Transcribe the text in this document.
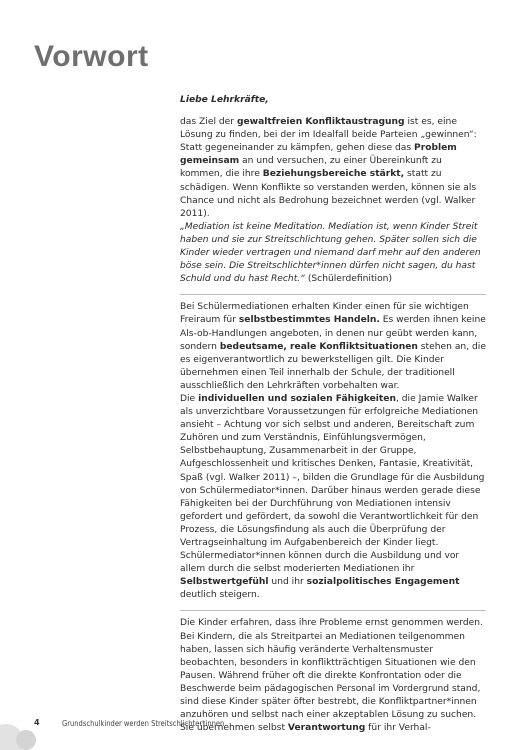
Vorwort

Liebe Lehrkräfte,

das Ziel der gewaltfreien Konfliktaustragung ist es, eine Lösung zu finden, bei der im Idealfall beide Parteien „gewinnen“: Statt gegeneinander zu kämpfen, gehen diese das Problem gemeinsam an und versuchen, zu einer Übereinkunft zu kommen, die ihre Beziehungsbereiche stärkt, statt zu schädigen. Wenn Konflikte so verstanden werden, können sie als Chance und nicht als Bedrohung bezeichnet werden (vgl. Walker 2011).

„Mediation ist keine Meditation. Mediation ist, wenn Kinder Streit haben und sie zur Streitschlichtung gehen. Später sollen sich die Kinder wieder vertragen und niemand darf mehr auf den anderen böse sein. Die Streitschlichter*innen dürfen nicht sagen, du hast Schuld und du hast Recht.“ (Schülerdefinition)

Bei Schülermediationen erhalten Kinder einen für sie wichtigen Freiraum für selbstbestimmtes Handeln. Es werden ihnen keine Als-ob-Handlungen angeboten, in denen nur geübt werden kann, sondern bedeutsame, reale Konfliktsituationen stehen an, die es eigenverantwortlich zu bewerkstelligen gilt. Die Kinder übernehmen einen Teil innerhalb der Schule, der traditionell ausschließlich den Lehrkräften vorbehalten war.

Die individuellen und sozialen Fähigkeiten, die Jamie Walker als unverzichtbare Voraussetzungen für erfolgreiche Mediationen ansieht – Achtung vor sich selbst und anderen, Bereitschaft zum Zuhören und zum Verständnis, Einfühlungsvermögen, Selbstbehauptung, Zusammenarbeit in der Gruppe, Aufgeschlossenheit und kritisches Denken, Fantasie, Kreativität, Spaß (vgl. Walker 2011) –, bilden die Grundlage für die Ausbildung von Schülermediator*innen. Darüber hinaus werden gerade diese Fähigkeiten bei der Durchführung von Mediationen intensiv gefordert und gefördert, da sowohl die Verantwortlichkeit für den Prozess, die Lösungsfindung als auch die Überprüfung der Vertragseinhaltung im Aufgabenbereich der Kinder liegt. Schülermediator*innen können durch die Ausbildung und vor allem durch die selbst moderierten Mediationen ihr Selbstwertgefühl und ihr sozialpolitisches Engagement deutlich steigern.

Die Kinder erfahren, dass ihre Probleme ernst genommen werden. Bei Kindern, die als Streitpartei an Mediationen teilgenommen haben, lassen sich häufig veränderte Verhaltensmuster beobachten, besonders in konfliktträchtigen Situationen wie den Pausen. Während früher oft die direkte Konfrontation oder die Beschwerde beim pädagogischen Personal im Vordergrund stand, sind diese Kinder später öfter bestrebt, die Konfliktpartner*innen anzuhören und selbst nach einer akzeptablen Lösung zu suchen. Sie übernehmen selbst Verantwortung für ihr Verhal-

4	Grundschulkinder werden Streitschlichter*innen
